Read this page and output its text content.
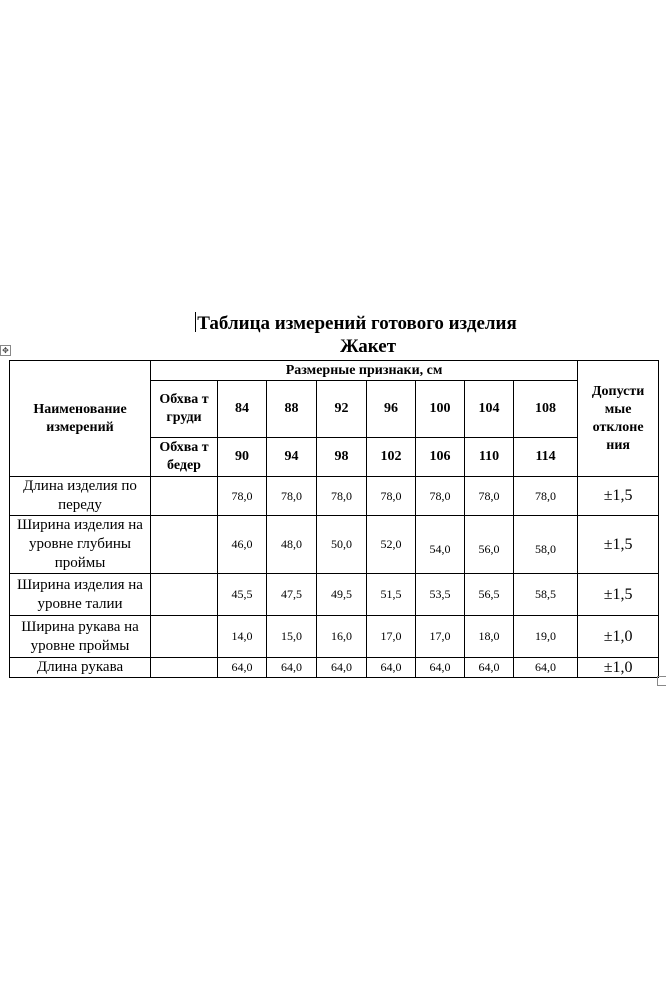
Таблица измерений готового изделия
Жакет
✥
Наименование измерений	Размерные признаки, см								Допусти мые отклоне ния
	Обхва т груди	84	88	92	96	100	104	108	
	Обхва т бедер	90	94	98	102	106	110	114	
Длина изделия по переду		78,0	78,0	78,0	78,0	78,0	78,0	78,0	±1,5
Ширина изделия на уровне глубины проймы		46,0	48,0	50,0	52,0	54,0	56,0	58,0	±1,5
Ширина изделия на уровне талии		45,5	47,5	49,5	51,5	53,5	56,5	58,5	±1,5
Ширина рукава на уровне проймы		14,0	15,0	16,0	17,0	17,0	18,0	19,0	±1,0
Длина рукава		64,0	64,0	64,0	64,0	64,0	64,0	64,0	±1,0
